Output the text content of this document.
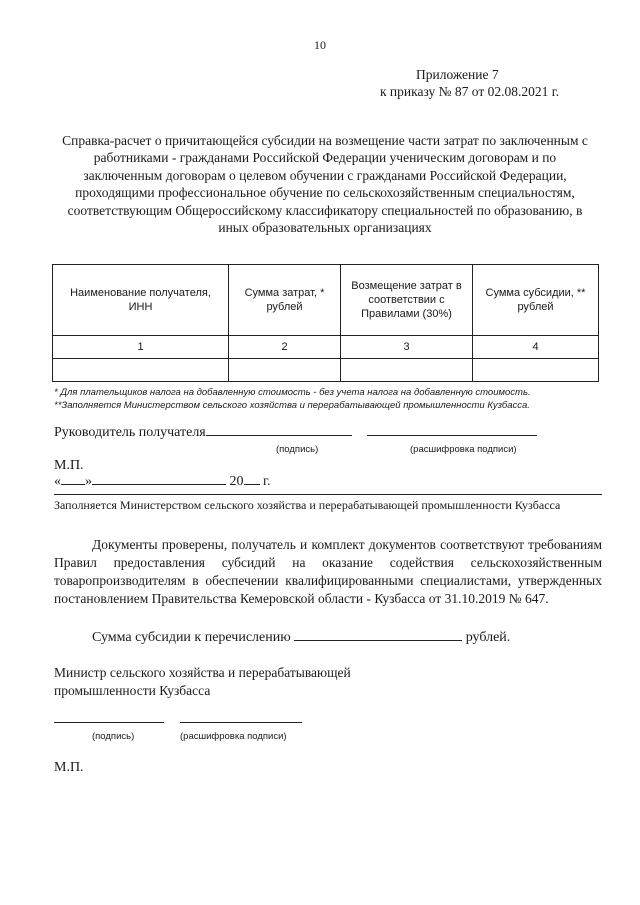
10
Приложение 7
к приказу № 87 от 02.08.2021 г.
Справка-расчет о причитающейся субсидии на возмещение части затрат по заключенным с работниками - гражданами Российской Федерации ученическим договорам и по заключенным договорам о целевом обучении с гражданами Российской Федерации, проходящими профессиональное обучение по сельскохозяйственным специальностям, соответствующим Общероссийскому классификатору специальностей по образованию, в иных образовательных организациях
Наименование получателя, ИНН	Сумма затрат, * рублей	Возмещение затрат в соответствии с Правилами (30%)	Сумма субсидии, ** рублей
1	2	3	4

* Для плательщиков налога на добавленную стоимость - без учета налога на добавленную стоимость.
**Заполняется Министерством сельского хозяйства и перерабатывающей промышленности Кузбасса.
Руководитель получателя
(подпись)	(расшифровка подписи)
М.П.
« »	20 г.
Заполняется Министерством сельского хозяйства и перерабатывающей промышленности Кузбасса
Документы проверены, получатель и комплект документов соответствуют требованиям Правил предоставления субсидий на оказание содействия сельскохозяйственным товаропроизводителям в обеспечении квалифицированными специалистами, утвержденных постановлением Правительства Кемеровской области - Кузбасса от 31.10.2019 № 647.
Сумма субсидии к перечислению	рублей.
Министр сельского хозяйства и перерабатывающей
промышленности Кузбасса

(подпись)	(расшифровка подписи)
М.П.
